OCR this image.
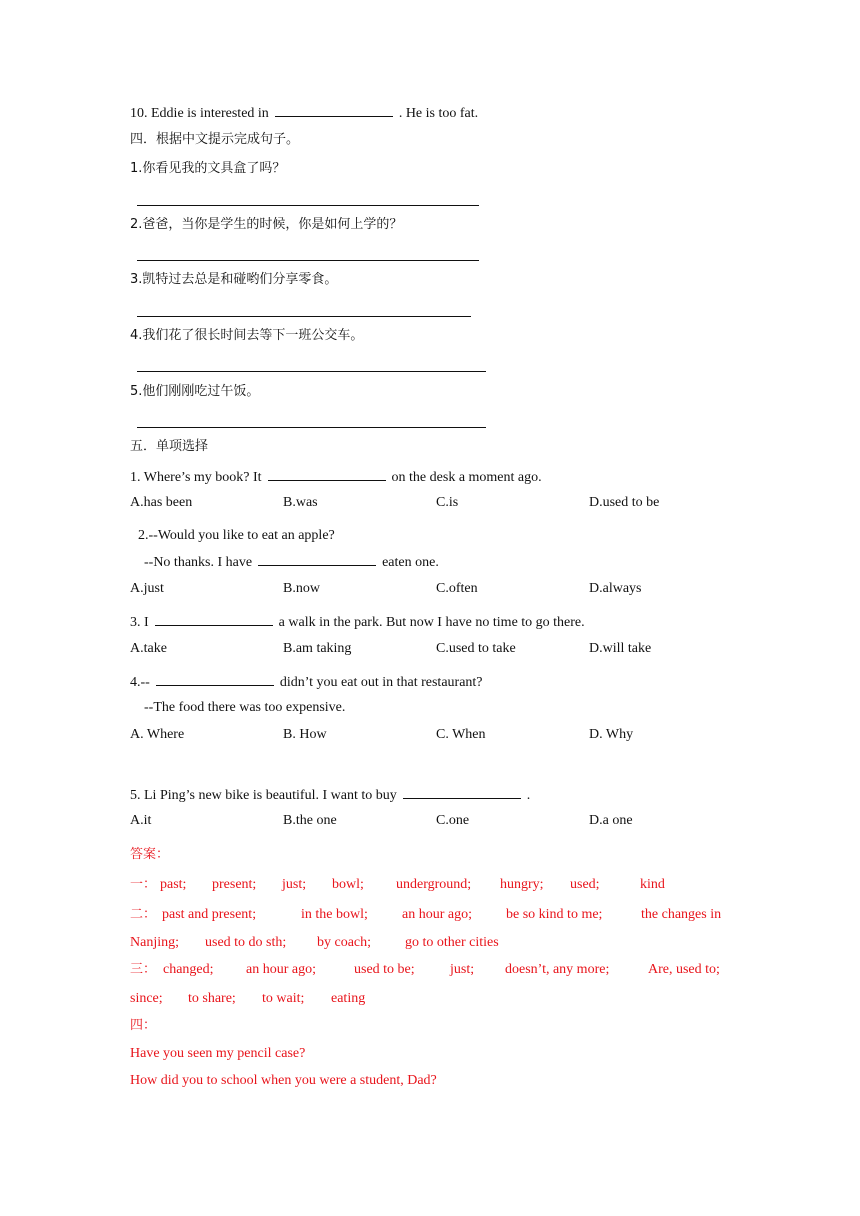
10. Eddie is interested in	. He is too fat.
四．根据中文提示完成句子。
1.你看见我的文具盒了吗？
2.爸爸，当你是学生的时候，你是如何上学的？
3.凯特过去总是和碰哟们分享零食。
4.我们花了很长时间去等下一班公交车。
5.他们刚刚吃过午饭。
五．单项选择
1. Where’s my book? It	on the desk a moment ago.
A.has been	B.was	C.is	D.used to be
2.--Would you like to eat an apple?
--No thanks. I have	eaten one.
A.just	B.now	C.often	D.always
3. I	a walk in the park. But now I have no time to go there.
A.take	B.am taking	C.used to take	D.will take
4.--	didn’t you eat out in that restaurant?
--The food there was too expensive.
A. Where	B. How	C. When	D. Why
5. Li Ping’s new bike is beautiful. I want to buy	.
A.it	B.the one	C.one	D.a one
答案：
一： past; present; just; bowl; underground; hungry; used;	kind
二： past and present;	in the bowl; an hour ago; be so kind to me;	the changes in
Nanjing; used to do sth; by coach; go to other cities
三： changed; an hour ago;	used to be;	just; doesn’t, any more;	Are, used to;
since; to share; to wait; eating
四：
Have you seen my pencil case?
How did you to school when you were a student, Dad?
